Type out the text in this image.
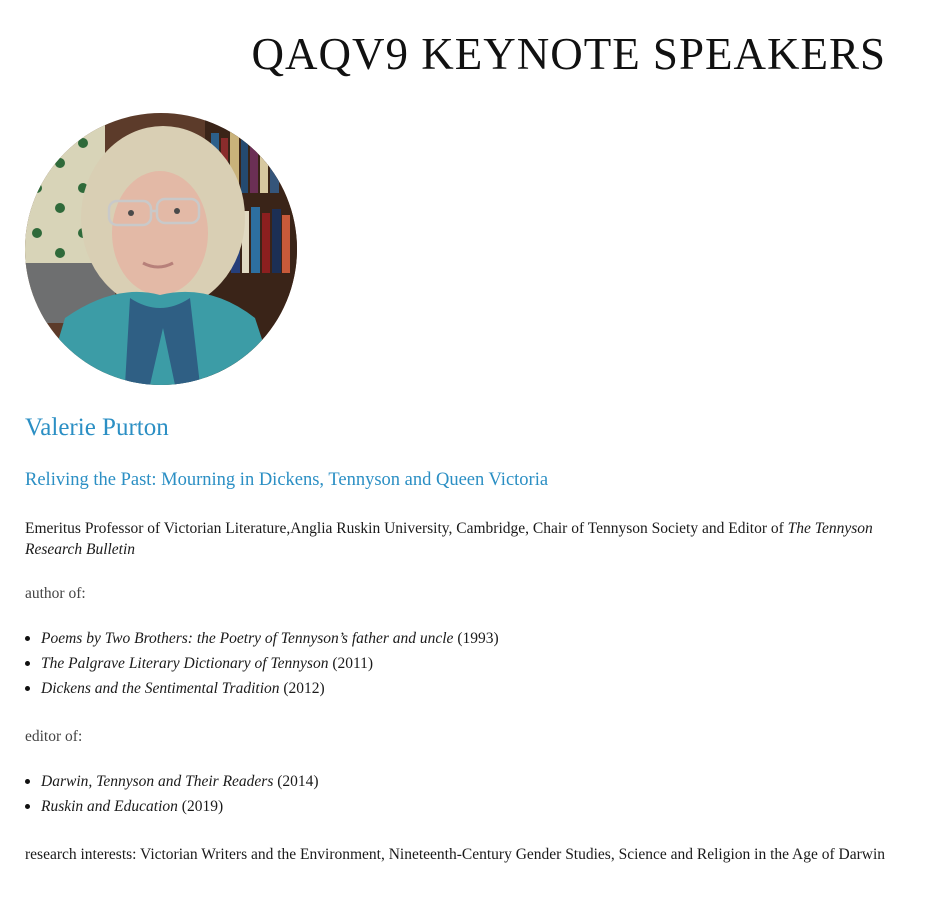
QAQV9 KEYNOTE SPEAKERS
Valerie Purton
Reliving the Past: Mourning in Dickens, Tennyson and Queen Victoria

Emeritus Professor of Victorian Literature,Anglia Ruskin University, Cambridge, Chair of Tennyson Society and Editor of The Tennyson Research Bulletin

author of:

Poems by Two Brothers: the Poetry of Tennyson’s father and uncle (1993)
The Palgrave Literary Dictionary of Tennyson (2011)
Dickens and the Sentimental Tradition (2012)

editor of:

Darwin, Tennyson and Their Readers (2014)
Ruskin and Education (2019)

research interests: Victorian Writers and the Environment, Nineteenth-Century Gender Studies, Science and Religion in the Age of Darwin
